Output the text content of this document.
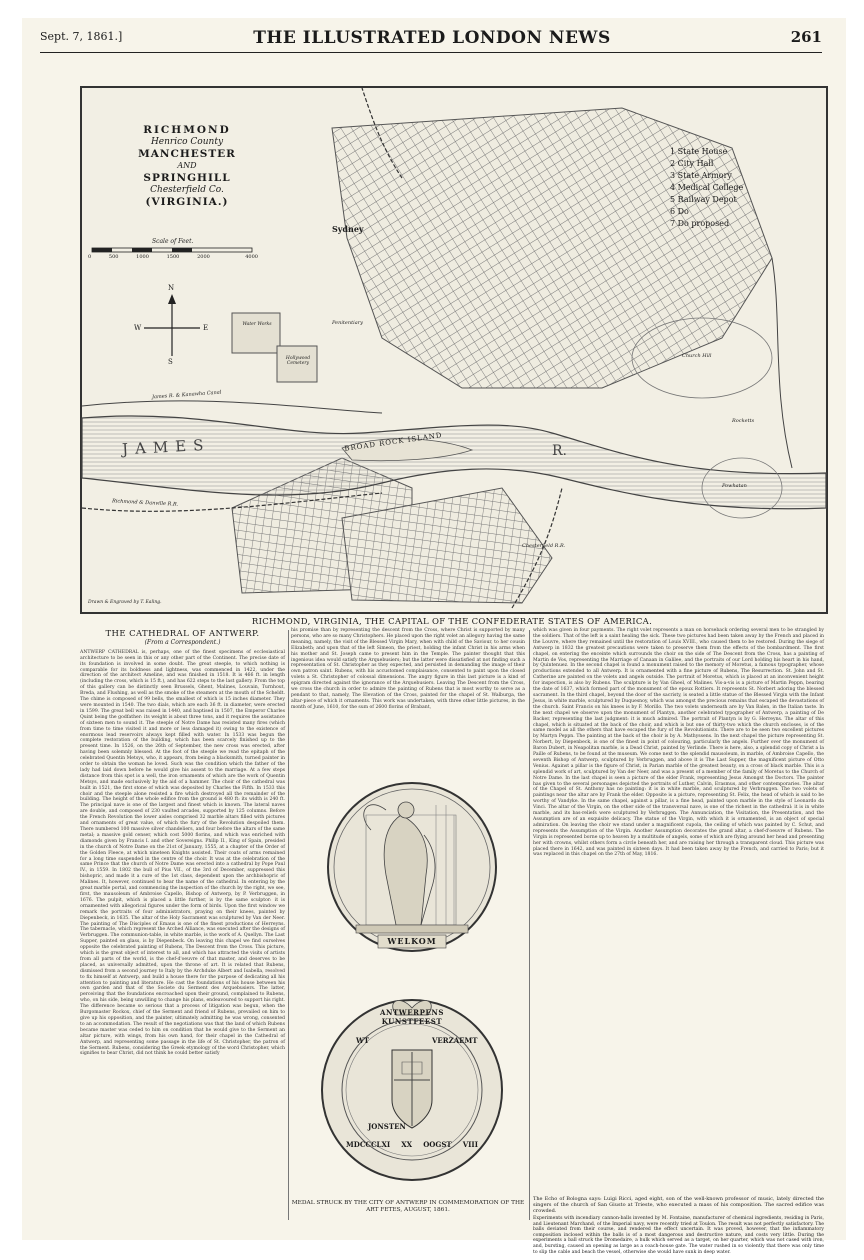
Sept. 7, 1861.]	THE ILLUSTRATED LONDON NEWS	261
RICHMOND
Henrico County
MANCHESTER
AND
SPRINGHILL
Chesterfield Co.
(VIRGINIA.)
Scale of Feet.
0	500	1000	1500	2000	4000
N
S
E
W
1 State House
2 City Hall
3 State Armory
4 Medical College
5 Railway Depot
6 Do
7 Do proposed
Sydney
Penitentiary
Water Works
Hollywood Cemetery
BROAD ROCK ISLAND
JAMES	R.
James R. & Kanawha Canal
Richmond & Danville R.R.
Chesterfield R.R.
Rocketts
Church Hill
Powhatan
Drawn & Engraved by T. Ealing.
RICHMOND, VIRGINIA, THE CAPITAL OF THE CONFEDERATE STATES OF AMERICA.
THE CATHEDRAL OF ANTWERP.
(From a Correspondent.)
ANTWERP CATHEDRAL is, perhaps, one of the finest specimens of ecclesiastical architecture to be seen in this or any other part of the Continent. The precise date of its foundation is involved in some doubt. The great steeple, to which nothing is comparable for its boldness and lightness, was commenced in 1422, under the direction of the architect Ameline, and was finished in 1518. It is 466 ft. in length (including the cross, which is 15 ft.), and has 622 steps to the last gallery. From the top of this gallery can be distinctly seen Brussels, Ghent, Malines, Louvain, Turnhout, Breda, and Flushing, as well as the smoke of the steamers at the mouth of the Scheldt. The chime is composed of 99 bells, the smallest of which is 15 inches diameter. They were mounted in 1540. The two dials, which are each 36 ft. in diameter, were erected in 1599. The great bell was raised in 1440, and baptised in 1507, the Emperor Charles Quint being the godfather: its weight is about three tons, and it requires the assistance of sixteen men to sound it. The steeple of Notre Dame has resisted many fires (which from time to time visited it and more or less damaged it) owing to the existence of enormous lead reservoirs always kept filled with water. In 1533 was begun the complete restoration of the building, which has been scarcely finished up to the present time. In 1526, on the 26th of September, the new cross was erected, after having been solemnly blessed. At the foot of the steeple we read the epitaph of the celebrated Quentin Metsys, who, it appears, from being a blacksmith, turned painter in order to obtain the woman he loved. Such was the condition which the father of the lady had laid down before he would give his assent to the marriage. At a few steps distance from this spot is a well, the iron ornaments of which are the work of Quentin Metsys, and made exclusively by the aid of a hammer. The choir of the cathedral was built in 1521, the first stone of which was deposited by Charles the Fifth. In 1533 this choir and the steeple alone resisted a fire which destroyed all the remainder of the building. The height of the whole edifice from the ground is 480 ft: its width is 240 ft. The principal nave is one of the largest and finest which is known. The lateral naves are double, and composed of 230 vaulted arcades, supported by 125 columns. Before the French Revolution the lower aisles comprised 32 marble altars filled with pictures and ornaments of great value, of which the fury of the Revolution despoiled them. There numbered 100 massive silver chandeliers, and four before the altars of the same metal; a massive gold censer, which cost 5000 florins, and which was enriched with diamonds given by Francis I. and other Sovereigns. Philip II., King of Spain, presided in the church of Notre Dame on the 21st of January, 1555, at a chapter of the Order of the Golden Fleece, at which nineteen Knights assisted. Their coats of arms remained for a long time suspended in the centre of the choir. It was at the celebration of the same Prince that the church of Notre Dame was erected into a cathedral by Pope Paul IV., in 1559. In 1802 the bull of Pius VII., of the 3rd of December, suppressed this bishopric, and made it a cure of the 1st class, dependent upon the archbishopric of Malines. It, however, continued to bear the name of the cathedral. In entering by the great marble portal, and commencing the inspection of the church by the right, we see, first, the mausoleum of Ambroise Capello, Bishop of Antwerp, by P. Verbruggen, in 1676. The pulpit, which is placed a little further, is by the same sculptor: it is ornamented with allegorical figures under the form of birds. Upon the first window we remark the portraits of four administrators, praying on their knees, painted by Diepenbeck, in 1635. The altar of the Holy Sacrament was sculptured by Van der Neer. The painting of The Disciples of Emaus is one of the finest productions of Herreyns. The tabernacle, which represent the Arched Alliance, was executed after the designs of Verbruggen. The communion-table, in white marble, is the work of A. Quellyn. The Last Supper, painted on glass, is by Diepenbeck. On leaving this chapel we find ourselves opposite the celebrated painting of Rubens, The Descent from the Cross. This picture, which is the great object of interest to all, and which has attracted the visits of artists from all parts of the world, is the chef-d'oeuvre of that master, and deserves to be placed, as universally admitted, upon the throne of art. It is related that Rubens, dismissed from a second journey to Italy by the Archduke Albert and Isabella, resolved to fix himself at Antwerp, and build a house there for the purpose of dedicating all his attention to painting and literature. He cast the foundations of his house between his own garden and that of the Societe du Serment des Arquebusiers. The latter, perceiving that the foundations encroached upon their ground, complained to Rubens, who, on his side, being unwilling to change his plans, endeavoured to support his right. The difference became so serious that a process of litigation was begun, when the Burgomaster Rockox, chief of the Serment and friend of Rubens, prevailed on him to give up his opposition, and the painter, ultimately admitting he was wrong, consented to an accommodation. The result of the negotiations was that the land of which Rubens became master was ceded to him on condition that he would give to the Serment an altar picture, with wings, from his own hand, for their chapel in the Cathedral of Antwerp, and representing some passage in the life of St. Christopher, the patron of the Serment. Rubens, considering the Greek etymology of the word Christopher, which signifies to bear Christ, did not think he could better satisfy
his promise than by representing the descent from the Cross, where Christ is supported by many persons, who are so many Christophers. He placed upon the right volet an allegory having the same meaning, namely, the visit of the Blessed Virgin Mary, when with child of the Saviour, to her cousin Elizabeth; and upon that of the left Simeon, the priest, holding the infant Christ in his arms when his mother and St. Joseph came to present him in the Temple. The painter thought that this ingenious idea would satisfy the Arquebusiers; but the latter were dissatisfied at not finding such a representation of St. Christopher as they expected, and persisted in demanding the image of their own patron saint. Rubens, with his accustomed complaisance, consented to paint upon the closed volets a St. Christopher of colossal dimensions. The angry figure in this last picture is a kind of epigram directed against the ignorance of the Arquebusiers. Leaving The Descent from the Cross, we cross the church in order to admire the painting of Rubens that is most worthy to serve as a pendant to that, namely, The Elevation of the Cross, painted for the chapel of St. Walburga, the altar-piece of which it ornaments. This work was undertaken, with three other little pictures, in the month of June, 1610, for the sum of 2600 florins of Brabant,
WELKOM
ANTWERPENS KUNSTFEEST
WT
JONSTEN
VERZAEMT
MDCCCLXI XX OOGST VIII
MEDAL STRUCK BY THE CITY OF ANTWERP IN COMMEMORATION OF THE ART FETES, AUGUST, 1861.
which was given in four payments. The right volet represents a man on horseback ordering several men to be strangled by the soldiers. That of the left is a saint healing the sick. These two pictures had been taken away by the French and placed in the Louvre, where they remained until the restoration of Louis XVIII., who caused them to be restored. During the siege of Antwerp in 1832 the greatest precautions were taken to preserve them from the effects of the bombardment. The first chapel, on entering the enceinte which surrounds the choir on the side of The Descent from the Cross, has a painting of Martin de Vos, representing the Marriage of Canaan in Galilee, and the portraits of our Lord holding his heart in his hand, by Quintenuez. In the second chapel is found a monument raised to the memory of Moretus, a famous typographer, whose productions extended to all Antwerp. It is ornamented with a fine picture of Rubens, The Resurrection. St. John and St. Catherine are painted on the volets and angels outside. The portrait of Moretus, which is placed at an inconvenient height for inspection, is also by Rubens. The sculpture is by Van Gheel, of Malines. Vis-a-vis is a picture of Martin Peppn, bearing the date of 1637, which formed part of the monument of the epoux Rottiers. It represents St. Norbert adoring the blessed sacrament. In the third chapel, beyond the door of the sacristy, is seated a little statue of the Blessed Virgin with the Infant Jesus, in white marble, sculptured by Duquesnoy, which was amongst the precious remains that escaped the devastations of the church. Saint Francis on his knees is by F. Morillo. The two volets underneath are by Van Balen, in the Italian taste. In the next chapel we observe upon the monument of Plantyn, another celebrated typographer of Antwerp, a painting of De Backer, representing the last judgment: it is much admired. The portrait of Plantyn is by G. Herreyns. The altar of this chapel, which is situated at the back of the choir, and which is but one of thirty-two which the church encloses, is of the same model as all the others that have escaped the fury of the Revolutionists. There are to be seen two excellent pictures by Martyn Peppn. The painting at the back of the choir is by A. Mathyssens. In the next chapel the picture representing St. Norbert, by Diepenbeck, is one of the finest in point of colouring, particularly the angels. Further over the monument of Baron Dubert, in Neapolitan marble, is a Dead Christ, painted by Verlinde. There is here, also, a splendid copy of Christ a la Paille of Rubens, to be found at the museum. We come next to the splendid mausoleum, in marble, of Ambroise Capello, the seventh Bishop of Antwerp, sculptured by Verbruggen, and above it is The Last Supper, the magnificent picture of Otto Venius. Against a pillar is the figure of Christ, in Parian marble of the greatest beauty, on a cross of black marble. This is a splendid work of art, sculptured by Van der Neer, and was a present of a member of the family of Moretus to the Church of Notre Dame. In the last chapel is seen a picture of the elder Frank, representing Jesus Amongst the Doctors. The painter has given to the several personages depicted the portraits of Luther, Calvin, Erasmus, and other contemporaries. The altar of the Chapel of St. Anthony has no painting: it is in white marble, and sculptured by Verbruggen. The two volets of paintings near the altar are by Frank the elder. Opposite is a picture, representing St. Felix, the head of which is said to be worthy of Vandyke. In the same chapel, against a pillar, is a fine head, painted upon marble in the style of Leonardo da Vinci. The altar of the Virgin, on the other side of the transversal nave, is one of the richest in the cathedral: it is in white marble, and its bas-reliefs were sculptured by Verbruggen. The Annunciation, the Visitation, the Presentation, and the Assumption are of an exquisite delicacy. The statue of the Virgin, with which it is ornamented, is an object of special admiration. On leaving the choir we stand under a magnificent cupola, the ceiling of which was painted by C. Schut, and represents the Assumption of the Virgin. Another Assumption decorates the grand altar, a chef-d'oeuvre of Rubens. The Virgin is represented borne up to heaven by a multitude of angels, some of which are flying around her head and presenting her with crowns, whilst others form a circle beneath her, and are raising her through a transparent cloud. This picture was placed there in 1642, and was painted in sixteen days. It had been taken away by the French, and carried to Paris; but it was replaced in this chapel on the 27th of May, 1816.
The Echo of Bologna says: Luigi Ricci, aged eight, son of the well-known professor of music, lately directed the singers of the church of San Giusto at Trieste, who executed a mass of his composition. The sacred edifice was crowded.
Experiments with incendiary cannon-balls invented by M. Fontaine, manufacturer of chemical ingredients, residing in Paris, and Lieutenant Marchand, of the Imperial navy, were recently tried at Toulon. The result was not perfectly satisfactory. The balls deviated from their course, and rendered the effect uncertain. It was proved, however, that the inflammatory composition inclosed within the balls is of a most dangerous and destructive nature, and costs very little. During the experiments a ball struck the Dromedaire, a hulk which served as a target, on her quarter, which was not cased with iron, and, bursting, caused an opening as large as a coach-house gate. The water rushed in so violently that there was only time to slip the cable and beach the vessel, otherwise she would have sunk in deep water.
